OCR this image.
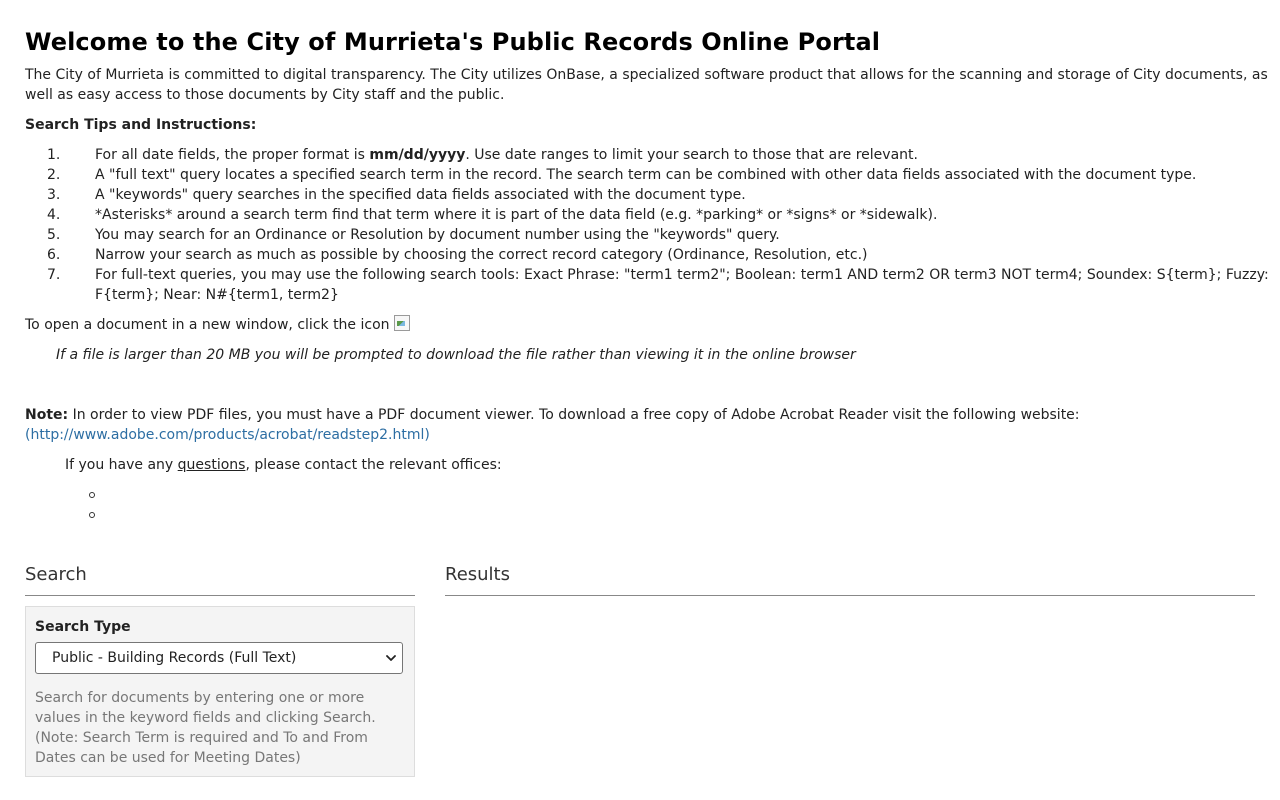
Welcome to the City of Murrieta's Public Records Online Portal

The City of Murrieta is committed to digital transparency. The City utilizes OnBase, a specialized software product that allows for the scanning and storage of City documents, as well as easy access to those documents by City staff and the public.

Search Tips and Instructions:

1. For all date fields, the proper format is mm/dd/yyyy. Use date ranges to limit your search to those that are relevant.
2. A "full text" query locates a specified search term in the record. The search term can be combined with other data fields associated with the document type.
3. A "keywords" query searches in the specified data fields associated with the document type.
4. *Asterisks* around a search term find that term where it is part of the data field (e.g. *parking* or *signs* or *sidewalk).
5. You may search for an Ordinance or Resolution by document number using the "keywords" query.
6. Narrow your search as much as possible by choosing the correct record category (Ordinance, Resolution, etc.)
7. For full-text queries, you may use the following search tools: Exact Phrase: "term1 term2"; Boolean: term1 AND term2 OR term3 NOT term4; Soundex: S{term}; Fuzzy: F{term}; Near: N#{term1, term2}

To open a document in a new window, click the icon

If a file is larger than 20 MB you will be prompted to download the file rather than viewing it in the online browser

Note: In order to view PDF files, you must have a PDF document viewer. To download a free copy of Adobe Acrobat Reader visit the following website:
(http://www.adobe.com/products/acrobat/readstep2.html)

If you have any questions, please contact the relevant offices:

Search
Search Type
Public - Building Records (Full Text)

Search for documents by entering one or more values in the keyword fields and clicking Search. (Note: Search Term is required and To and From Dates can be used for Meeting Dates)

Results
